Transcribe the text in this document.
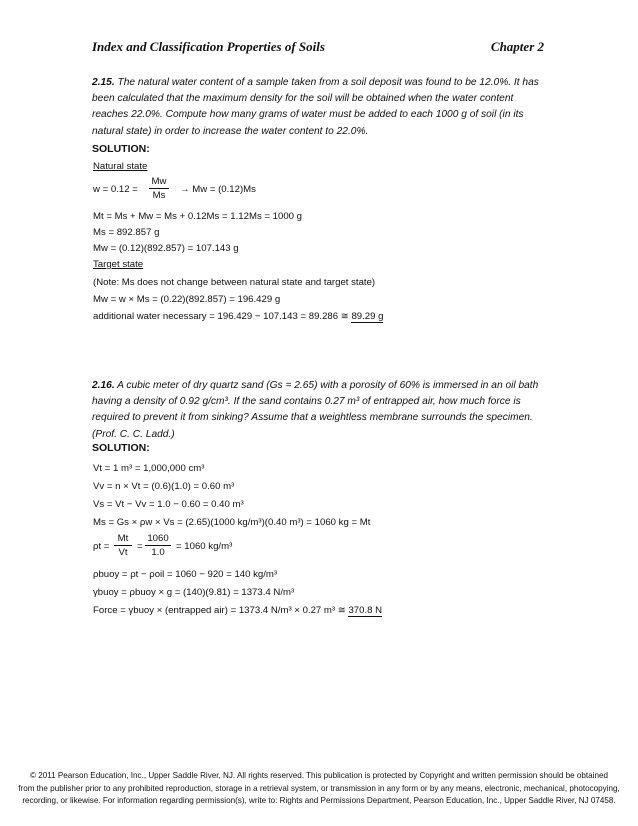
Index and Classification Properties of Soils	Chapter 2
2.15. The natural water content of a sample taken from a soil deposit was found to be 12.0%. It has been calculated that the maximum density for the soil will be obtained when the water content reaches 22.0%. Compute how many grams of water must be added to each 1000 g of soil (in its natural state) in order to increase the water content to 22.0%.
SOLUTION:
Natural state
w = 0.12 =
Mw
Ms
→ Mw = (0.12)Ms
Mt = Ms + Mw = Ms + 0.12Ms = 1.12Ms = 1000 g
Ms = 892.857 g
Mw = (0.12)(892.857) = 107.143 g
Target state
(Note: Ms does not change between natural state and target state)
Mw = w × Ms = (0.22)(892.857) = 196.429 g
additional water necessary = 196.429 − 107.143 = 89.286 ≅ 89.29 g
2.16. A cubic meter of dry quartz sand (Gs = 2.65) with a porosity of 60% is immersed in an oil bath having a density of 0.92 g/cm³. If the sand contains 0.27 m³ of entrapped air, how much force is required to prevent it from sinking? Assume that a weightless membrane surrounds the specimen. (Prof. C. C. Ladd.)
SOLUTION:
Vt = 1 m³ = 1,000,000 cm³
Vv = n × Vt = (0.6)(1.0) = 0.60 m³
Vs = Vt − Vv = 1.0 − 0.60 = 0.40 m³
Ms = Gs × ρw × Vs = (2.65)(1000 kg/m³)(0.40 m³) = 1060 kg = Mt
ρt =
Mt
Vt
=
1060
1.0
= 1060 kg/m³
ρbuoy = ρt − ρoil = 1060 − 920 = 140 kg/m³
γbuoy = ρbuoy × g = (140)(9.81) = 1373.4 N/m³
Force = γbuoy × (entrapped air) = 1373.4 N/m³ × 0.27 m³ ≅ 370.8 N
© 2011 Pearson Education, Inc., Upper Saddle River, NJ. All rights reserved. This publication is protected by Copyright and written permission should be obtained
from the publisher prior to any prohibited reproduction, storage in a retrieval system, or transmission in any form or by any means, electronic, mechanical, photocopying,
recording, or likewise. For information regarding permission(s), write to: Rights and Permissions Department, Pearson Education, Inc., Upper Saddle River, NJ 07458.
